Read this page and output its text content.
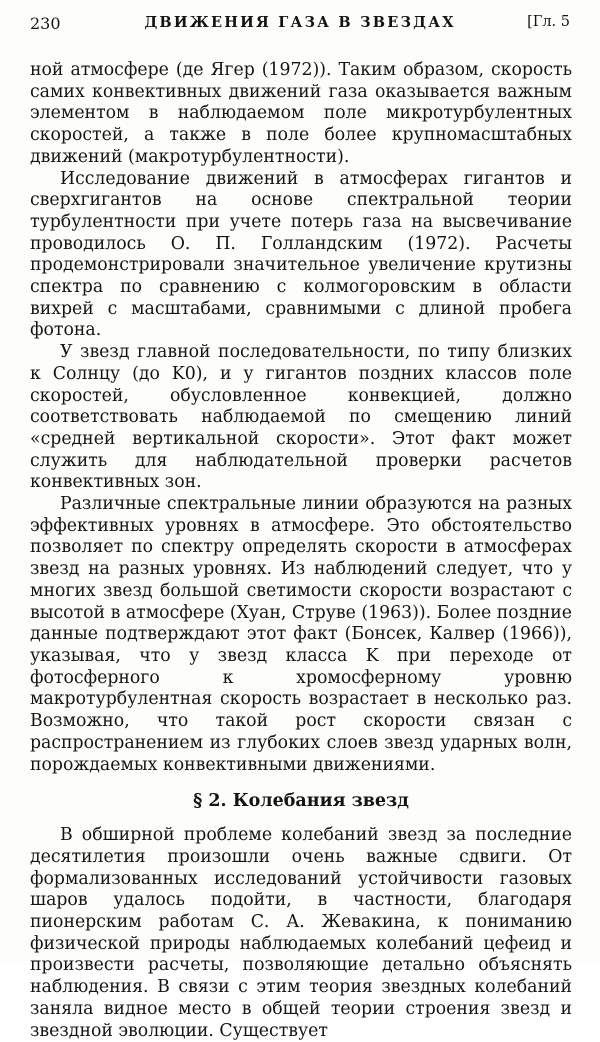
230	ДВИЖЕНИЯ ГАЗА В ЗВЕЗДАХ	[Гл. 5

ной атмосфере (де Ягер (1972)). Таким образом, скорость самих конвективных движений газа оказывается важным элементом в наблюдаемом поле микротурбулентных скоростей, а также в поле более крупномасштабных движений (макротурбулентности).

Исследование движений в атмосферах гигантов и сверхгигантов на основе спектральной теории турбулентности при учете потерь газа на высвечивание проводилось О. П. Голландским (1972). Расчеты продемонстрировали значительное увеличение крутизны спектра по сравнению с колмогоровским в области вихрей с масштабами, сравнимыми с длиной пробега фотона.

У звезд главной последовательности, по типу близких к Солнцу (до K0), и у гигантов поздних классов поле скоростей, обусловленное конвекцией, должно соответствовать наблюдаемой по смещению линий «средней вертикальной скорости». Этот факт может служить для наблюдательной проверки расчетов конвективных зон.

Различные спектральные линии образуются на разных эффективных уровнях в атмосфере. Это обстоятельство позволяет по спектру определять скорости в атмосферах звезд на разных уровнях. Из наблюдений следует, что у многих звезд большой светимости скорости возрастают с высотой в атмосфере (Хуан, Струве (1963)). Более поздние данные подтверждают этот факт (Бонсек, Калвер (1966)), указывая, что у звезд класса K при переходе от фотосферного к хромосферному уровню макротурбулентная скорость возрастает в несколько раз. Возможно, что такой рост скорости связан с распространением из глубоких слоев звезд ударных волн, порождаемых конвективными движениями.

§ 2. Колебания звезд

В обширной проблеме колебаний звезд за последние десятилетия произошли очень важные сдвиги. От формализованных исследований устойчивости газовых шаров удалось подойти, в частности, благодаря пионерским работам С. А. Жевакина, к пониманию физической природы наблюдаемых колебаний цефеид и произвести расчеты, позволяющие детально объяснять наблюдения. В связи с этим теория звездных колебаний заняла видное место в общей теории строения звезд и звездной эволюции. Существует
